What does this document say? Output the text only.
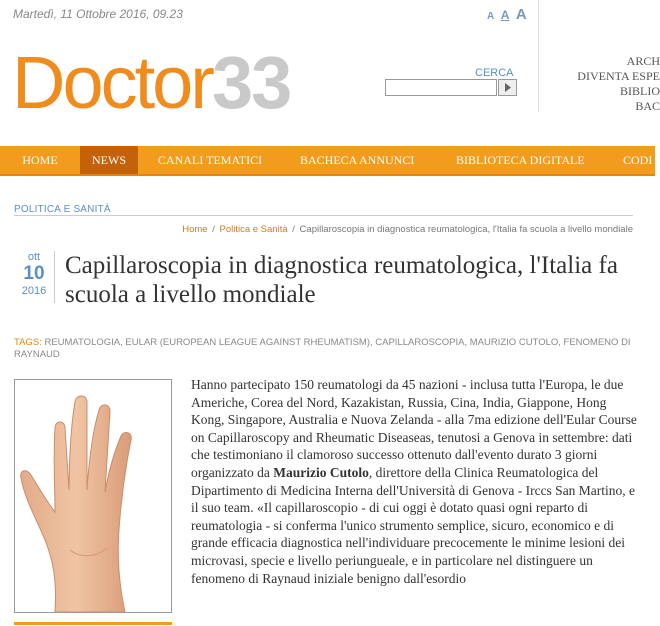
Martedì, 11 Ottobre 2016, 09.23	A A A
ARCH
DIVENTA ESPE
BIBLIO
BAC
Doctor33	CERCA
HOME	NEWS	CANALI TEMATICI	BACHECA ANNUNCI	BIBLIOTECA DIGITALE	CODI
POLITICA E SANITÀ
Home / Politica e Sanità / Capillaroscopia in diagnostica reumatologica, l'Italia fa scuola a livello mondiale
ott
10
2016
Capillaroscopia in diagnostica reumatologica, l'Italia fa scuola a livello mondiale
TAGS: REUMATOLOGIA, EULAR (EUROPEAN LEAGUE AGAINST RHEUMATISM), CAPILLAROSCOPIA, MAURIZIO CUTOLO, FENOMENO DI RAYNAUD
Hanno partecipato 150 reumatologi da 45 nazioni - inclusa tutta l'Europa, le due Americhe, Corea del Nord, Kazakistan, Russia, Cina, India, Giappone, Hong Kong, Singapore, Australia e Nuova Zelanda - alla 7ma edizione dell'Eular Course on Capillaroscopy and Rheumatic Diseaseas, tenutosi a Genova in settembre: dati che testimoniano il clamoroso successo ottenuto dall'evento durato 3 giorni organizzato da Maurizio Cutolo, direttore della Clinica Reumatologica del Dipartimento di Medicina Interna dell'Università di Genova - Irccs San Martino, e il suo team. «Il capillaroscopio - di cui oggi è dotato quasi ogni reparto di reumatologia - si conferma l'unico strumento semplice, sicuro, economico e di grande efficacia diagnostica nell'individuare precocemente le minime lesioni dei microvasi, specie e livello periungueale, e in particolare nel distinguere un fenomeno di Raynaud iniziale benigno dall'esordio
